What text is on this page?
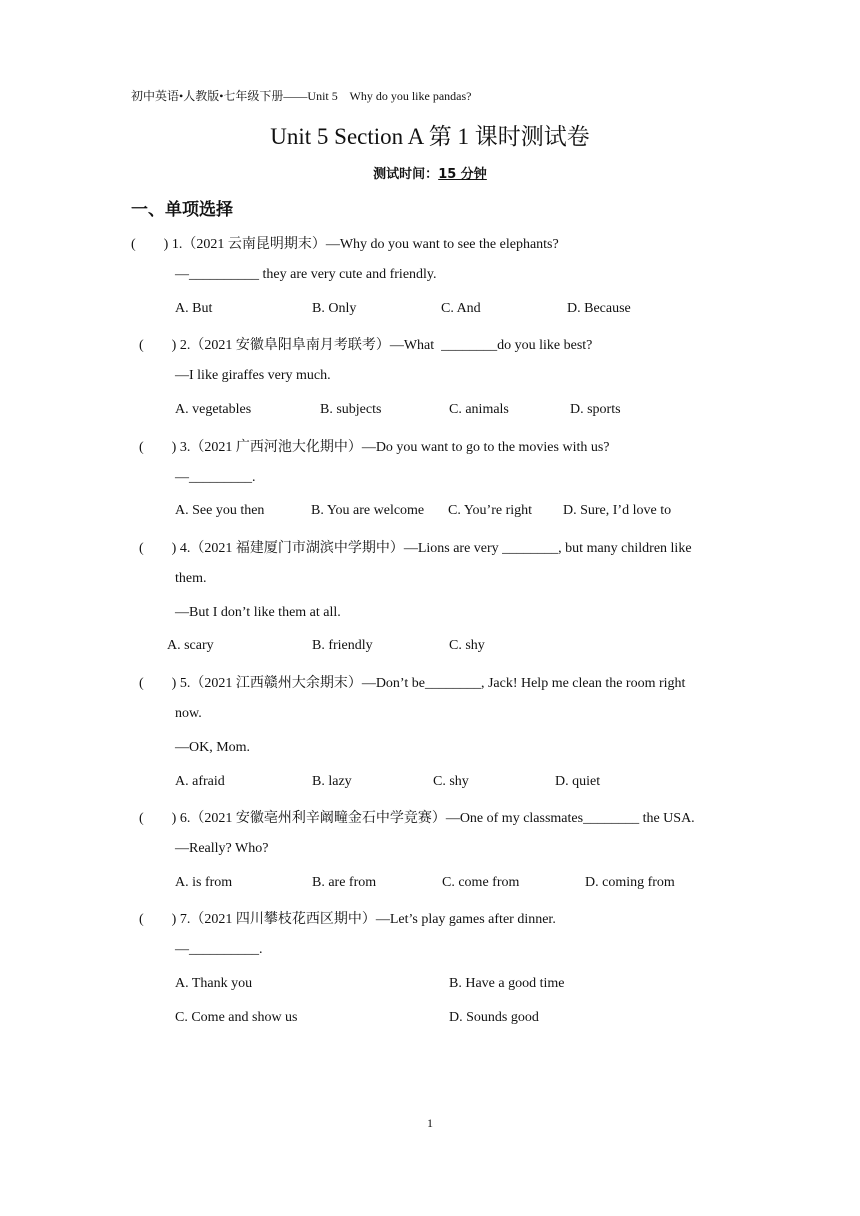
初中英语•人教版•七年级下册——Unit 5    Why do you like pandas?
Unit 5 Section A 第 1 课时测试卷
测试时间：15 分钟
一、单项选择
(        ) 1.（2021 云南昆明期末）—Why do you want to see the elephants?
—__________ they are very cute and friendly.
A. But	B. Only	C. And	D. Because
(        ) 2.（2021 安徽阜阳阜南月考联考）—What  ________do you like best?
—I like giraffes very much.
A. vegetables	B. subjects	C. animals	D. sports
(        ) 3.（2021 广西河池大化期中）—Do you want to go to the movies with us?
—_________.
A. See you then	B. You are welcome C. You’re right D. Sure, I’d love to
(        ) 4.（2021 福建厦门市湖滨中学期中）—Lions are very ________, but many children like
them.
—But I don’t like them at all.
A. scary	B. friendly	C. shy
(        ) 5.（2021 江西赣州大余期末）—Don’t be________, Jack! Help me clean the room right
now.
—OK, Mom.
A. afraid	B. lazy	C. shy	D. quiet
(        ) 6.（2021 安徽亳州利辛阚疃金石中学竞赛）—One of my classmates________ the USA.
—Really? Who?
A. is from	B. are from	C. come from	D. coming from
(        ) 7.（2021 四川攀枝花西区期中）—Let’s play games after dinner.
—__________.
A. Thank you	B. Have a good time
C. Come and show us	D. Sounds good
1
